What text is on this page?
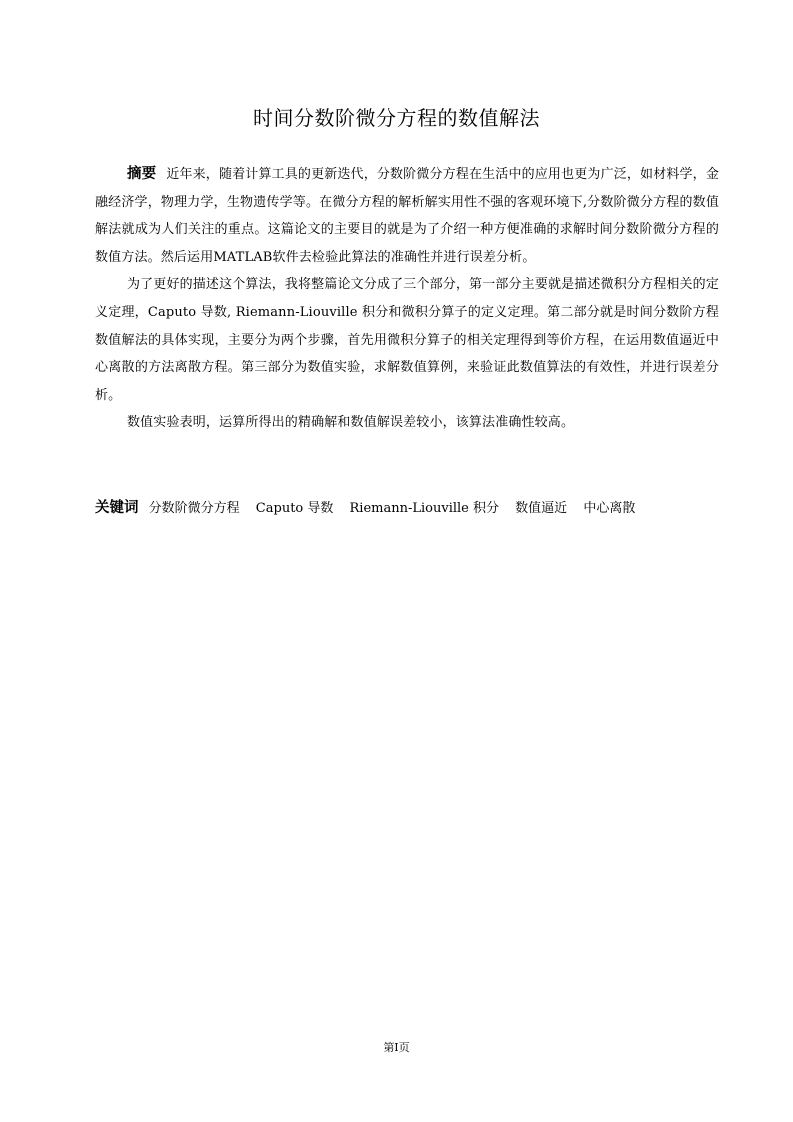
时间分数阶微分方程的数值解法

摘要 近年来，随着计算工具的更新迭代，分数阶微分方程在生活中的应用也更为广泛，如材料学，金融经济学，物理力学，生物遗传学等。在微分方程的解析解实用性不强的客观环境下,分数阶微分方程的数值解法就成为人们关注的重点。这篇论文的主要目的就是为了介绍一种方便准确的求解时间分数阶微分方程的数值方法。然后运用MATLAB软件去检验此算法的准确性并进行误差分析。

为了更好的描述这个算法，我将整篇论文分成了三个部分，第一部分主要就是描述微积分方程相关的定义定理，Caputo 导数, Riemann-Liouville 积分和微积分算子的定义定理。第二部分就是时间分数阶方程数值解法的具体实现，主要分为两个步骤，首先用微积分算子的相关定理得到等价方程，在运用数值逼近中心离散的方法离散方程。第三部分为数值实验，求解数值算例，来验证此数值算法的有效性，并进行误差分析。

数值实验表明，运算所得出的精确解和数值解误差较小，该算法准确性较高。

关键词 分数阶微分方程 Caputo 导数 Riemann-Liouville 积分 数值逼近 中心离散
第I页
